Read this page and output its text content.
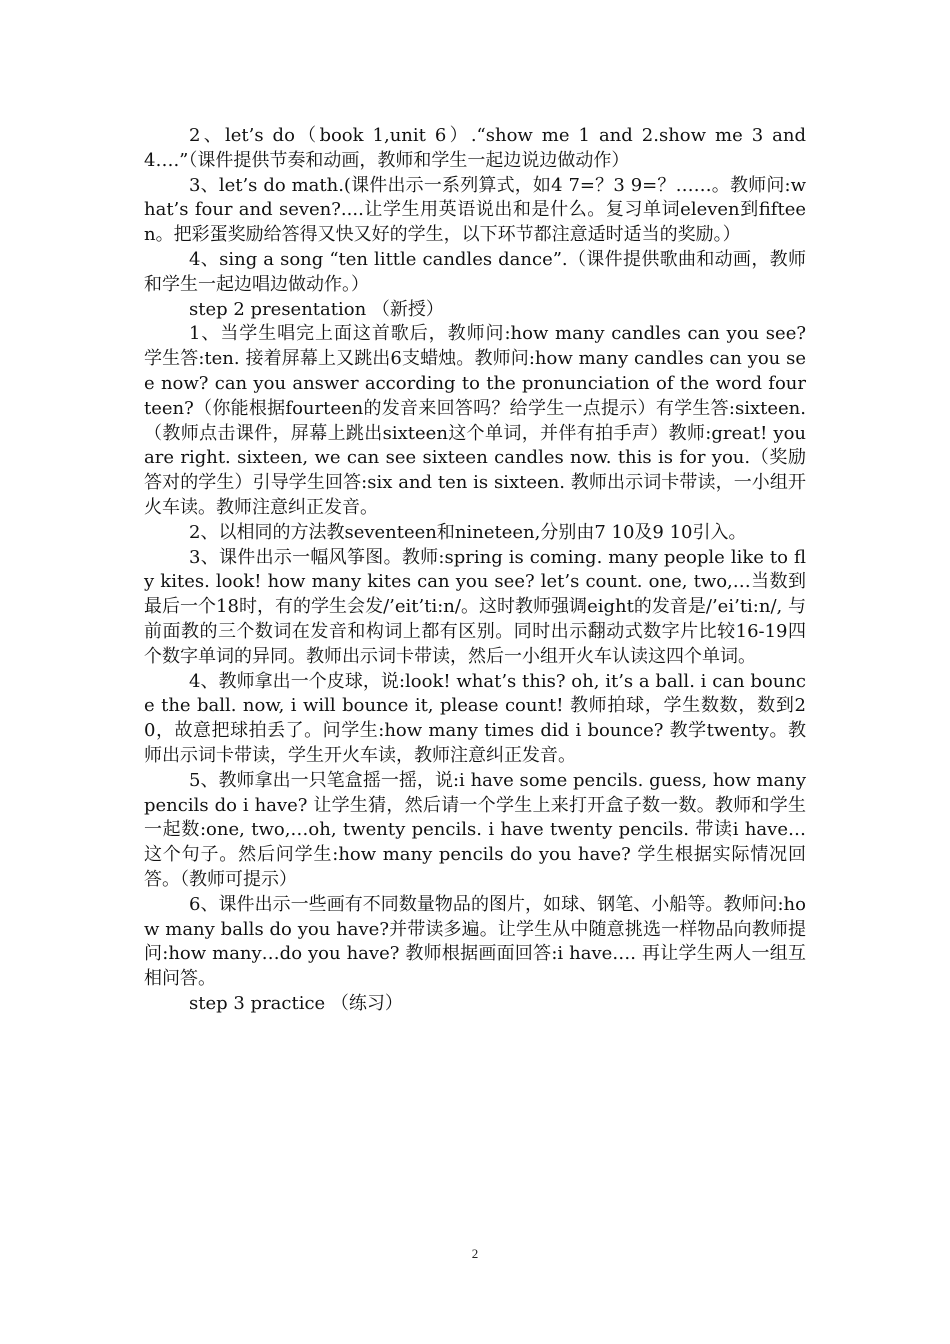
2、let’s do（book 1,unit 6）.“show me 1 and 2.show me 3 and 4….”（课件提供节奏和动画，教师和学生一起边说边做动作）

3、let’s do math.(课件出示一系列算式，如4 7=？3 9=？……。教师问:what’s four and seven?....让学生用英语说出和是什么。复习单词eleven到fifteen。把彩蛋奖励给答得又快又好的学生，以下环节都注意适时适当的奖励。）

4、sing a song “ten little candles dance”.（课件提供歌曲和动画，教师和学生一起边唱边做动作。）

step 2 presentation （新授）

1、当学生唱完上面这首歌后，教师问:how many candles can you see? 学生答:ten. 接着屏幕上又跳出6支蜡烛。教师问:how many candles can you see now? can you answer according to the pronunciation of the word fourteen?（你能根据fourteen的发音来回答吗？给学生一点提示）有学生答:sixteen.（教师点击课件，屏幕上跳出sixteen这个单词，并伴有拍手声）教师:great! you are right. sixteen, we can see sixteen candles now. this is for you.（奖励答对的学生）引导学生回答:six and ten is sixteen. 教师出示词卡带读，一小组开火车读。教师注意纠正发音。

2、以相同的方法教seventeen和nineteen,分别由7 10及9 10引入。

3、课件出示一幅风筝图。教师:spring is coming. many people like to fly kites. look! how many kites can you see? let’s count. one, two,…当数到最后一个18时，有的学生会发/’eit’ti:n/。这时教师强调eight的发音是/’ei’ti:n/, 与前面教的三个数词在发音和构词上都有区别。同时出示翻动式数字片比较16-19四个数字单词的异同。教师出示词卡带读，然后一小组开火车认读这四个单词。

4、教师拿出一个皮球，说:look! what’s this? oh, it’s a ball. i can bounce the ball. now, i will bounce it, please count! 教师拍球，学生数数，数到20，故意把球拍丢了。问学生:how many times did i bounce? 教学twenty。教师出示词卡带读，学生开火车读，教师注意纠正发音。

5、教师拿出一只笔盒摇一摇，说:i have some pencils. guess, how many pencils do i have? 让学生猜，然后请一个学生上来打开盒子数一数。教师和学生一起数:one, two,…oh, twenty pencils. i have twenty pencils. 带读i have…这个句子。然后问学生:how many pencils do you have? 学生根据实际情况回答。（教师可提示）

6、课件出示一些画有不同数量物品的图片，如球、钢笔、小船等。教师问:how many balls do you have?并带读多遍。让学生从中随意挑选一样物品向教师提问:how many…do you have? 教师根据画面回答:i have…. 再让学生两人一组互相问答。

step 3 practice （练习）

2
